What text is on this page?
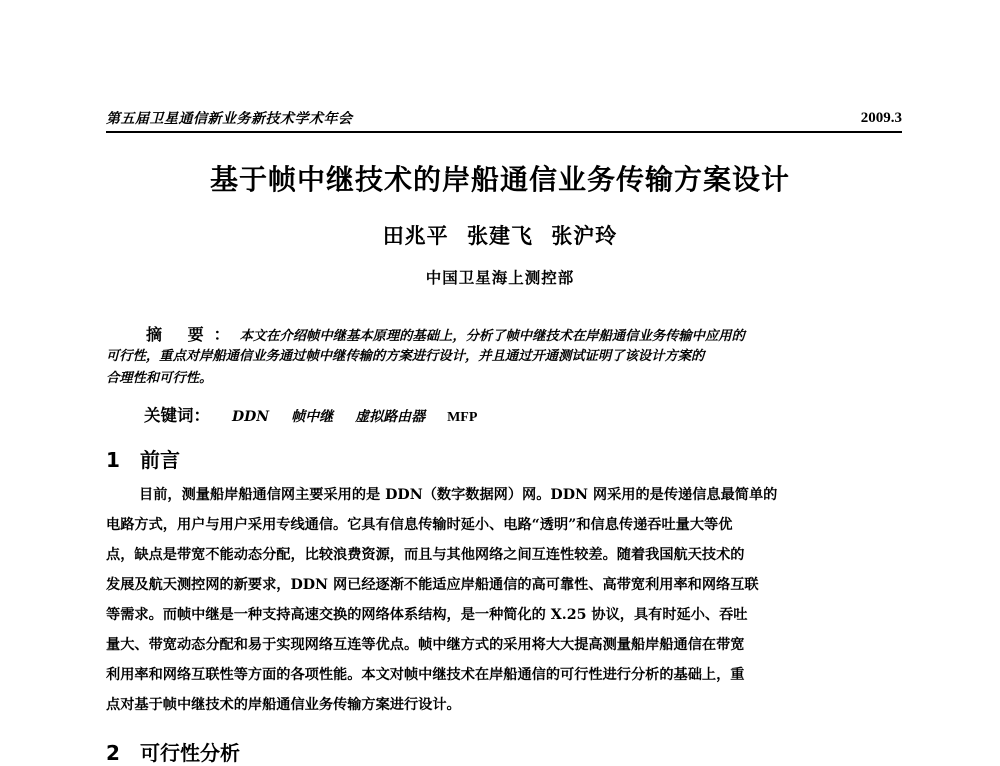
第五届卫星通信新业务新技术学术年会	2009.3
基于帧中继技术的岸船通信业务传输方案设计
田兆平 张建飞 张沪玲
中国卫星海上测控部
摘 要：本文在介绍帧中继基本原理的基础上，分析了帧中继技术在岸船通信业务传输中应用的
可行性，重点对岸船通信业务通过帧中继传输的方案进行设计，并且通过开通测试证明了该设计方案的
合理性和可行性。
关键词： DDN 帧中继 虚拟路由器 MFP
1 前言
目前，测量船岸船通信网主要采用的是 DDN（数字数据网）网。DDN 网采用的是传递信息最简单的
电路方式，用户与用户采用专线通信。它具有信息传输时延小、电路“透明”和信息传递吞吐量大等优
点，缺点是带宽不能动态分配，比较浪费资源，而且与其他网络之间互连性较差。随着我国航天技术的
发展及航天测控网的新要求，DDN 网已经逐渐不能适应岸船通信的高可靠性、高带宽利用率和网络互联
等需求。而帧中继是一种支持高速交换的网络体系结构，是一种简化的 X.25 协议，具有时延小、吞吐
量大、带宽动态分配和易于实现网络互连等优点。帧中继方式的采用将大大提高测量船岸船通信在带宽
利用率和网络互联性等方面的各项性能。本文对帧中继技术在岸船通信的可行性进行分析的基础上，重
点对基于帧中继技术的岸船通信业务传输方案进行设计。
2 可行性分析
